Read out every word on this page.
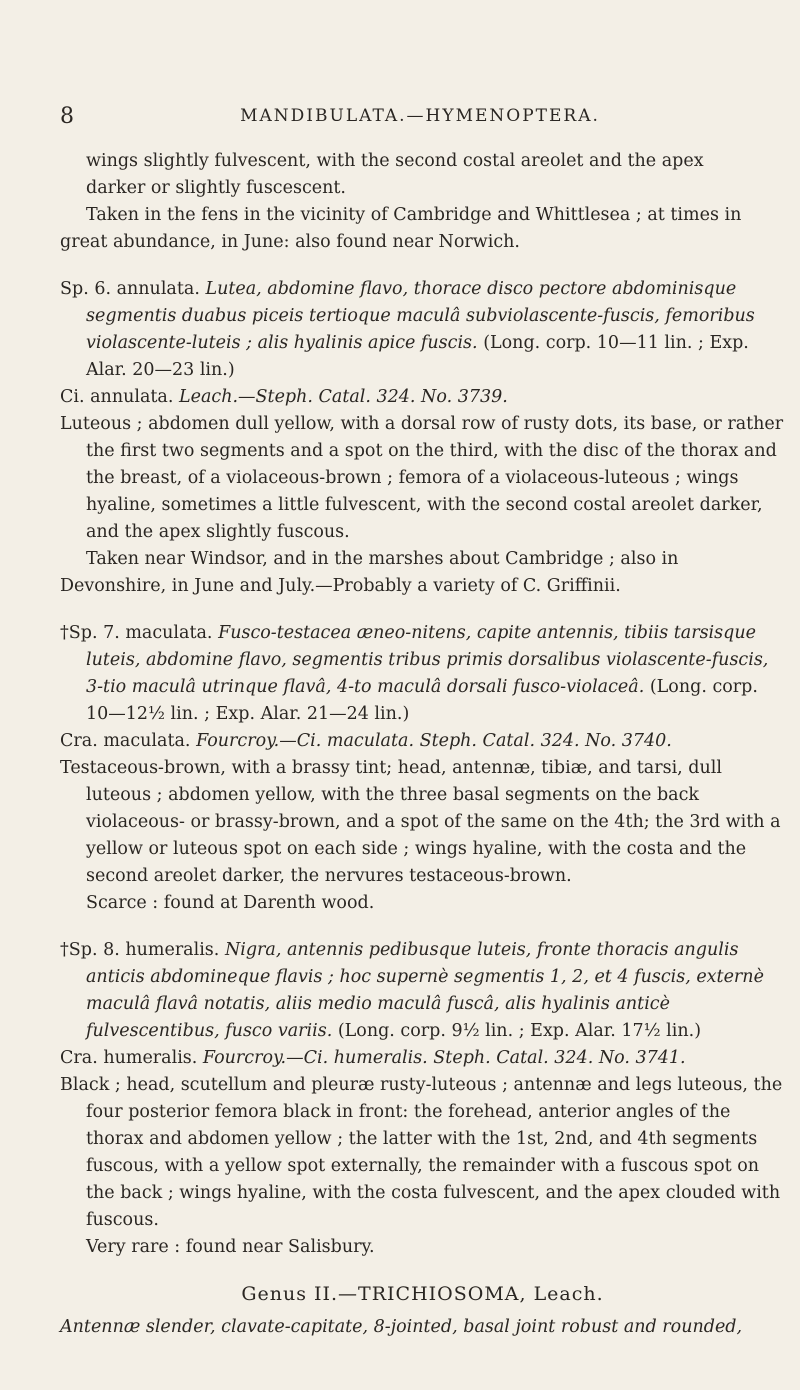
8	MANDIBULATA.—HYMENOPTERA.

wings slightly fulvescent, with the second costal areolet and the apex

darker or slightly fuscescent.

Taken in the fens in the vicinity of Cambridge and Whittlesea ; at times in great abundance, in June: also found near Norwich.

Sp. 6. annulata. Lutea, abdomine flavo, thorace disco pectore abdominisque segmentis duabus piceis tertioque maculâ subviolascente-fuscis, femoribus violascente-luteis ; alis hyalinis apice fuscis. (Long. corp. 10—11 lin. ; Exp. Alar. 20—23 lin.)

Ci. annulata. Leach.—Steph. Catal. 324. No. 3739.

Luteous ; abdomen dull yellow, with a dorsal row of rusty dots, its base, or rather the first two segments and a spot on the third, with the disc of the thorax and the breast, of a violaceous-brown ; femora of a violaceous-luteous ; wings hyaline, sometimes a little fulvescent, with the second costal areolet darker, and the apex slightly fuscous.

Taken near Windsor, and in the marshes about Cambridge ; also in Devonshire, in June and July.—Probably a variety of C. Griffinii.

†Sp. 7. maculata. Fusco-testacea æneo-nitens, capite antennis, tibiis tarsisque luteis, abdomine flavo, segmentis tribus primis dorsalibus violascente-fuscis, 3-tio maculâ utrinque flavâ, 4-to maculâ dorsali fusco-violaceâ. (Long. corp. 10—12½ lin. ; Exp. Alar. 21—24 lin.)

Cra. maculata. Fourcroy.—Ci. maculata. Steph. Catal. 324. No. 3740.

Testaceous-brown, with a brassy tint; head, antennæ, tibiæ, and tarsi, dull luteous ; abdomen yellow, with the three basal segments on the back violaceous- or brassy-brown, and a spot of the same on the 4th; the 3rd with a yellow or luteous spot on each side ; wings hyaline, with the costa and the second areolet darker, the nervures testaceous-brown.

Scarce : found at Darenth wood.

†Sp. 8. humeralis. Nigra, antennis pedibusque luteis, fronte thoracis angulis anticis abdomineque flavis ; hoc supernè segmentis 1, 2, et 4 fuscis, externè maculâ flavâ notatis, aliis medio maculâ fuscâ, alis hyalinis anticè fulvescentibus, fusco variis. (Long. corp. 9½ lin. ; Exp. Alar. 17½ lin.)

Cra. humeralis. Fourcroy.—Ci. humeralis. Steph. Catal. 324. No. 3741.

Black ; head, scutellum and pleuræ rusty-luteous ; antennæ and legs luteous, the four posterior femora black in front: the forehead, anterior angles of the thorax and abdomen yellow ; the latter with the 1st, 2nd, and 4th segments fuscous, with a yellow spot externally, the remainder with a fuscous spot on the back ; wings hyaline, with the costa fulvescent, and the apex clouded with fuscous.

Very rare : found near Salisbury.

Genus II.—TRICHIOSOMA, Leach.

Antennæ slender, clavate-capitate, 8-jointed, basal joint robust and rounded,
